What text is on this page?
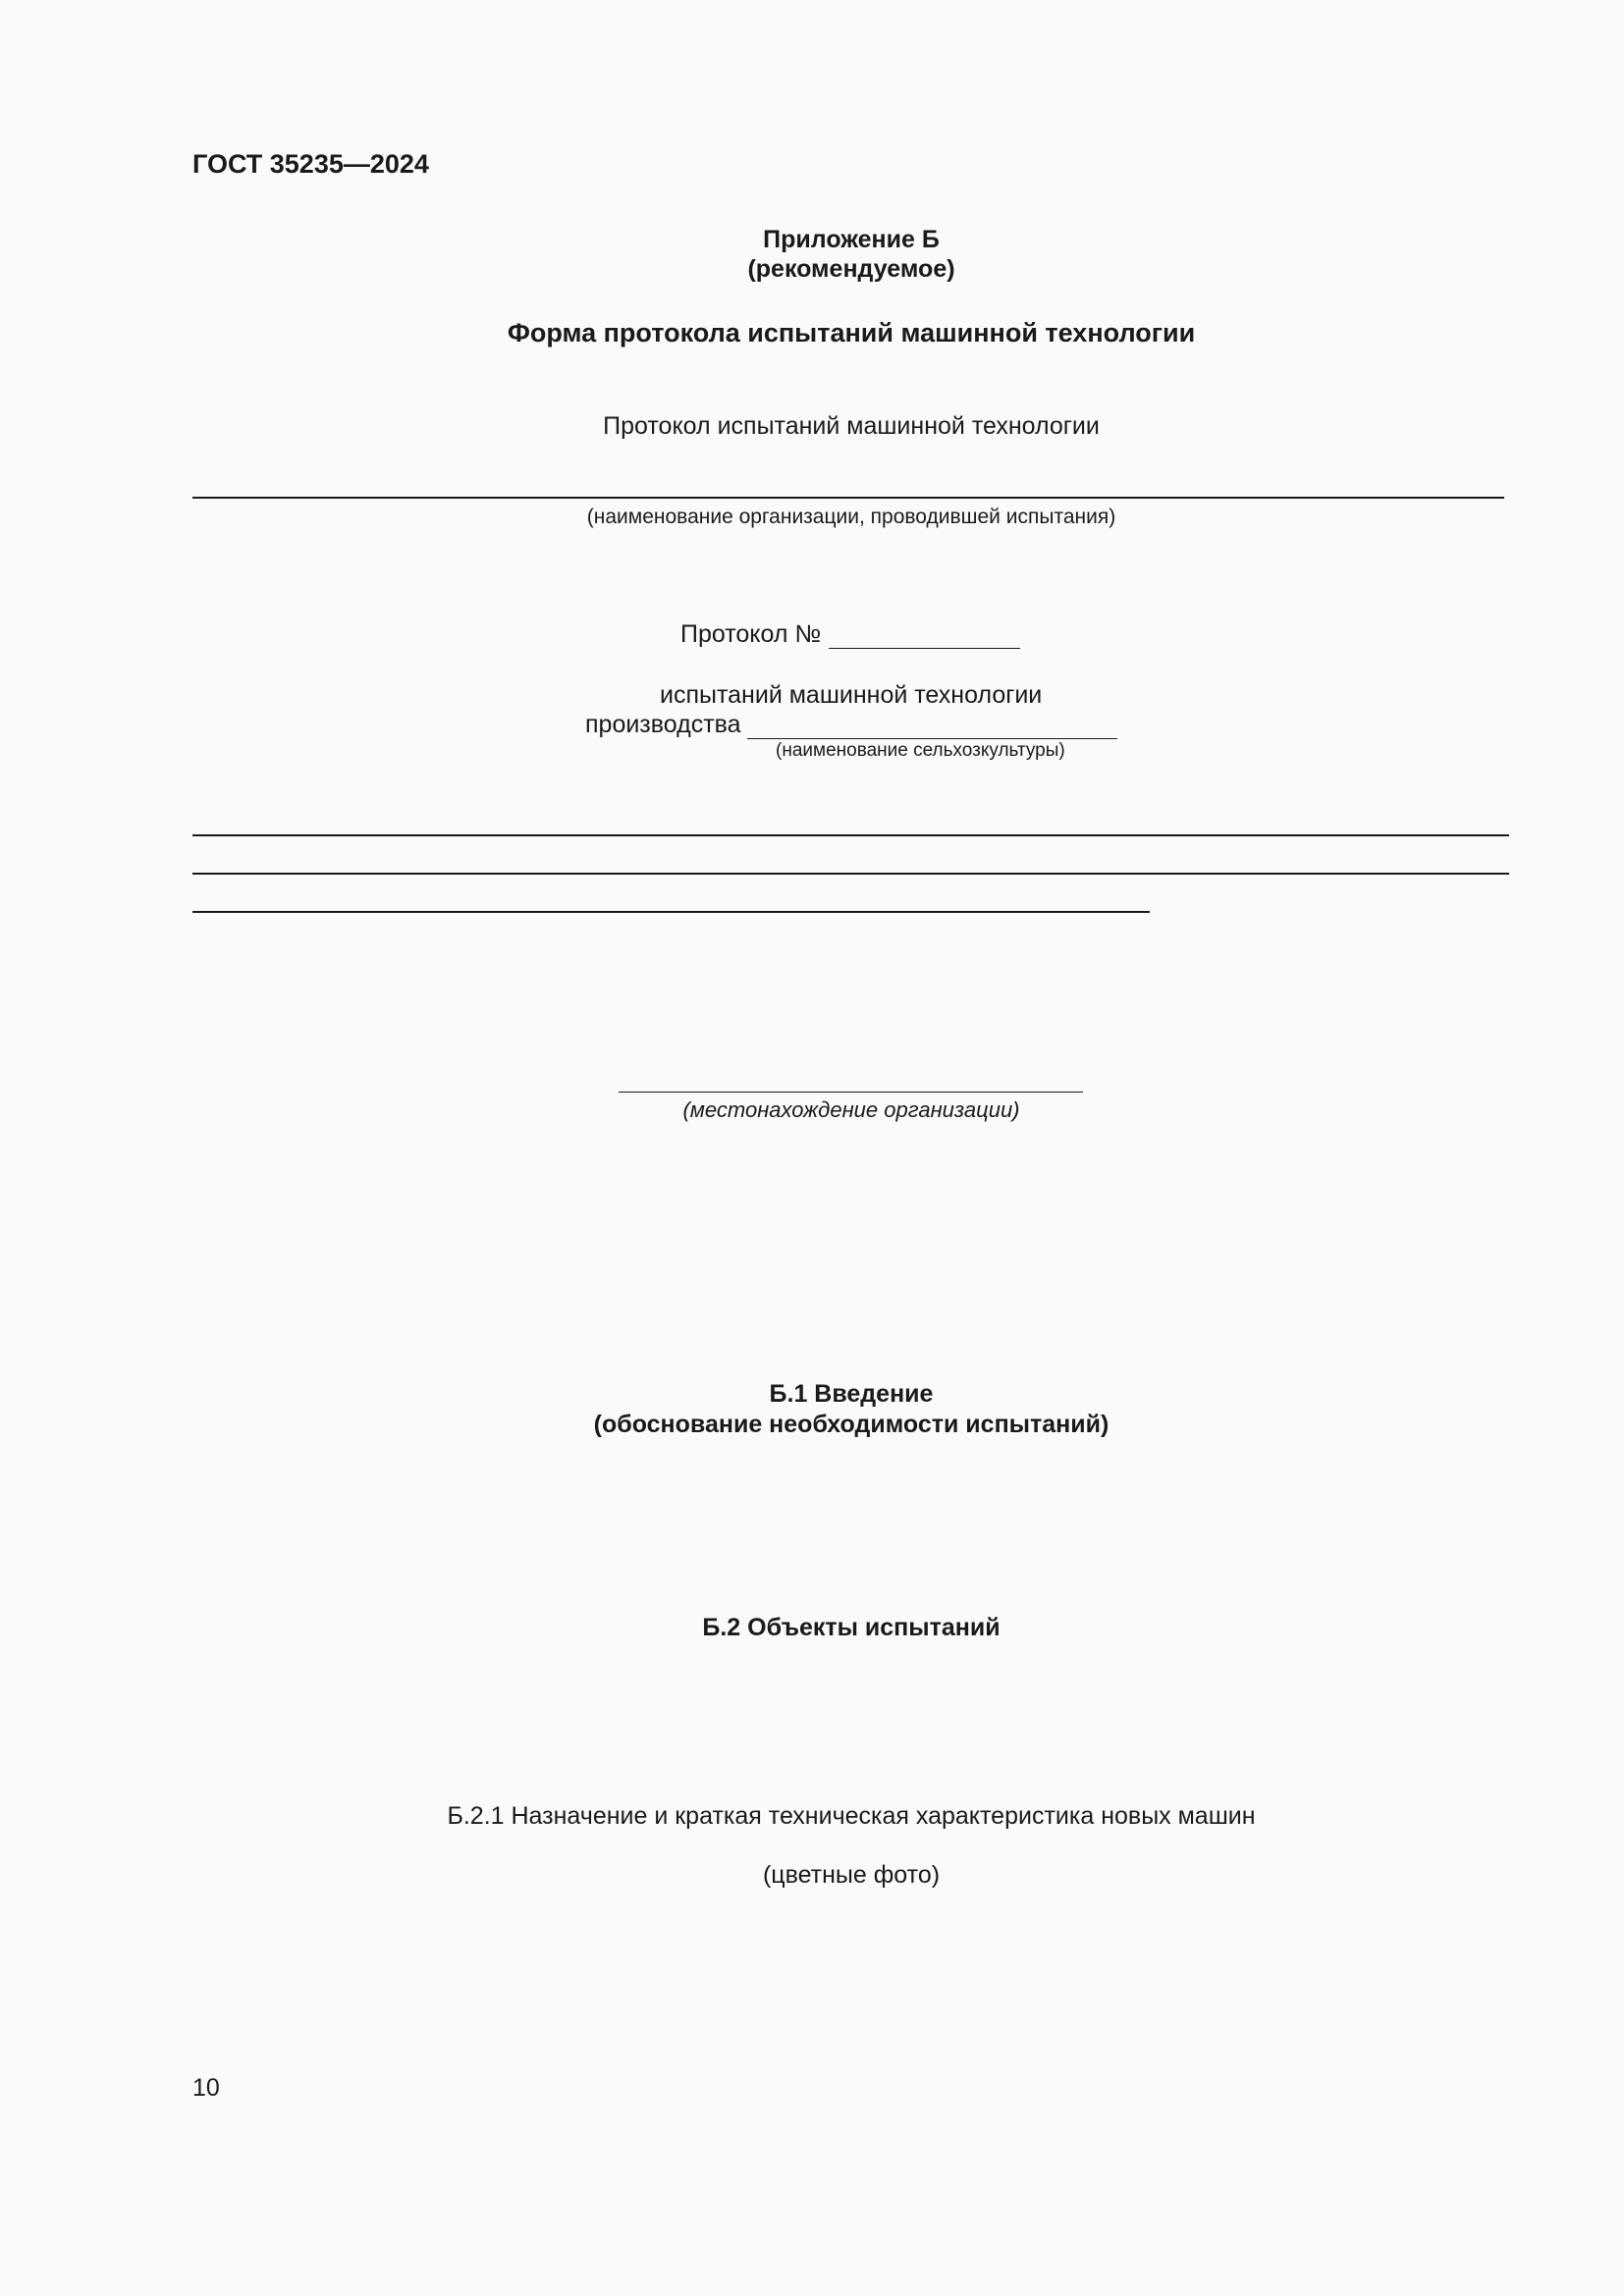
ГОСТ 35235—2024
Приложение Б
(рекомендуемое)
Форма протокола испытаний машинной технологии
Протокол испытаний машинной технологии
(наименование организации, проводившей испытания)
Протокол №
испытаний машинной технологии
производства
(наименование сельхозкультуры)
(местонахождение организации)
Б.1 Введение
(обоснование необходимости испытаний)
Б.2 Объекты испытаний
Б.2.1 Назначение и краткая техническая характеристика новых машин
(цветные фото)
10
